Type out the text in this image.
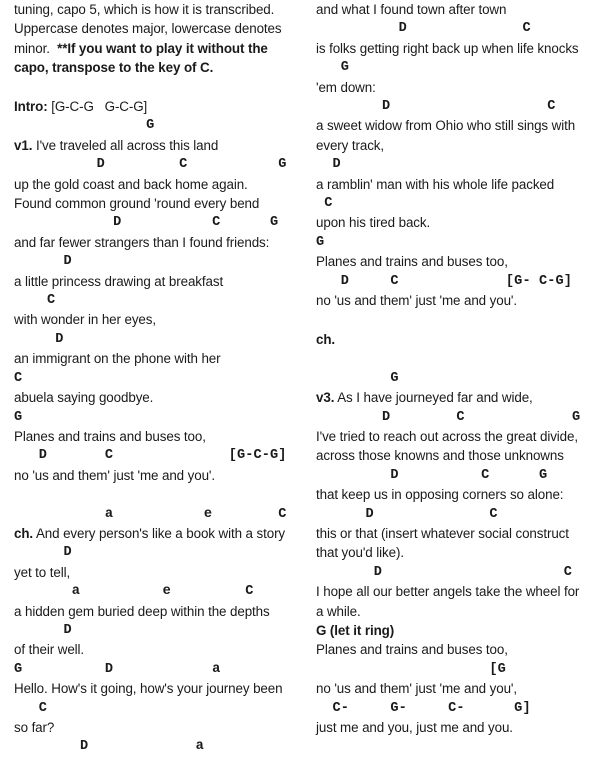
tuning, capo 5, which is how it is transcribed.
Uppercase denotes major, lowercase denotes
minor.  **If you want to play it without the
capo, transpose to the key of C.

Intro: [G-C-G   G-C-G]
G
v1. I've traveled all across this land
D         C           G
up the gold coast and back home again.
Found common ground 'round every bend
D           C      G
and far fewer strangers than I found friends:
D
a little princess drawing at breakfast
C
with wonder in her eyes,
D
an immigrant on the phone with her
C
abuela saying goodbye.
G
Planes and trains and buses too,
D       C              [G-C-G]
no 'us and them' just 'me and you'.

a           e        C
ch. And every person's like a book with a story
D
yet to tell,
a          e         C
a hidden gem buried deep within the depths
D
of their well.
G          D            a
Hello. How's it going, how's your journey been
C
so far?
D             a
and what I found town after town
D              C
is folks getting right back up when life knocks
G
'em down:
D                   C
a sweet widow from Ohio who still sings with
every track,
D
a ramblin' man with his whole life packed
C
upon his tired back.
G
Planes and trains and buses too,
D     C             [G- C-G]
no 'us and them' just 'me and you'.

ch.

G
v3. As I have journeyed far and wide,
D        C             G
I've tried to reach out across the great divide,
across those knowns and those unknowns
D          C      G
that keep us in opposing corners so alone:
D              C
this or that (insert whatever social construct
that you'd like).
D                      C
I hope all our better angels take the wheel for
a while.
G (let it ring)
Planes and trains and buses too,
[G
no 'us and them' just 'me and you',
C-     G-     C-      G]
just me and you, just me and you.
